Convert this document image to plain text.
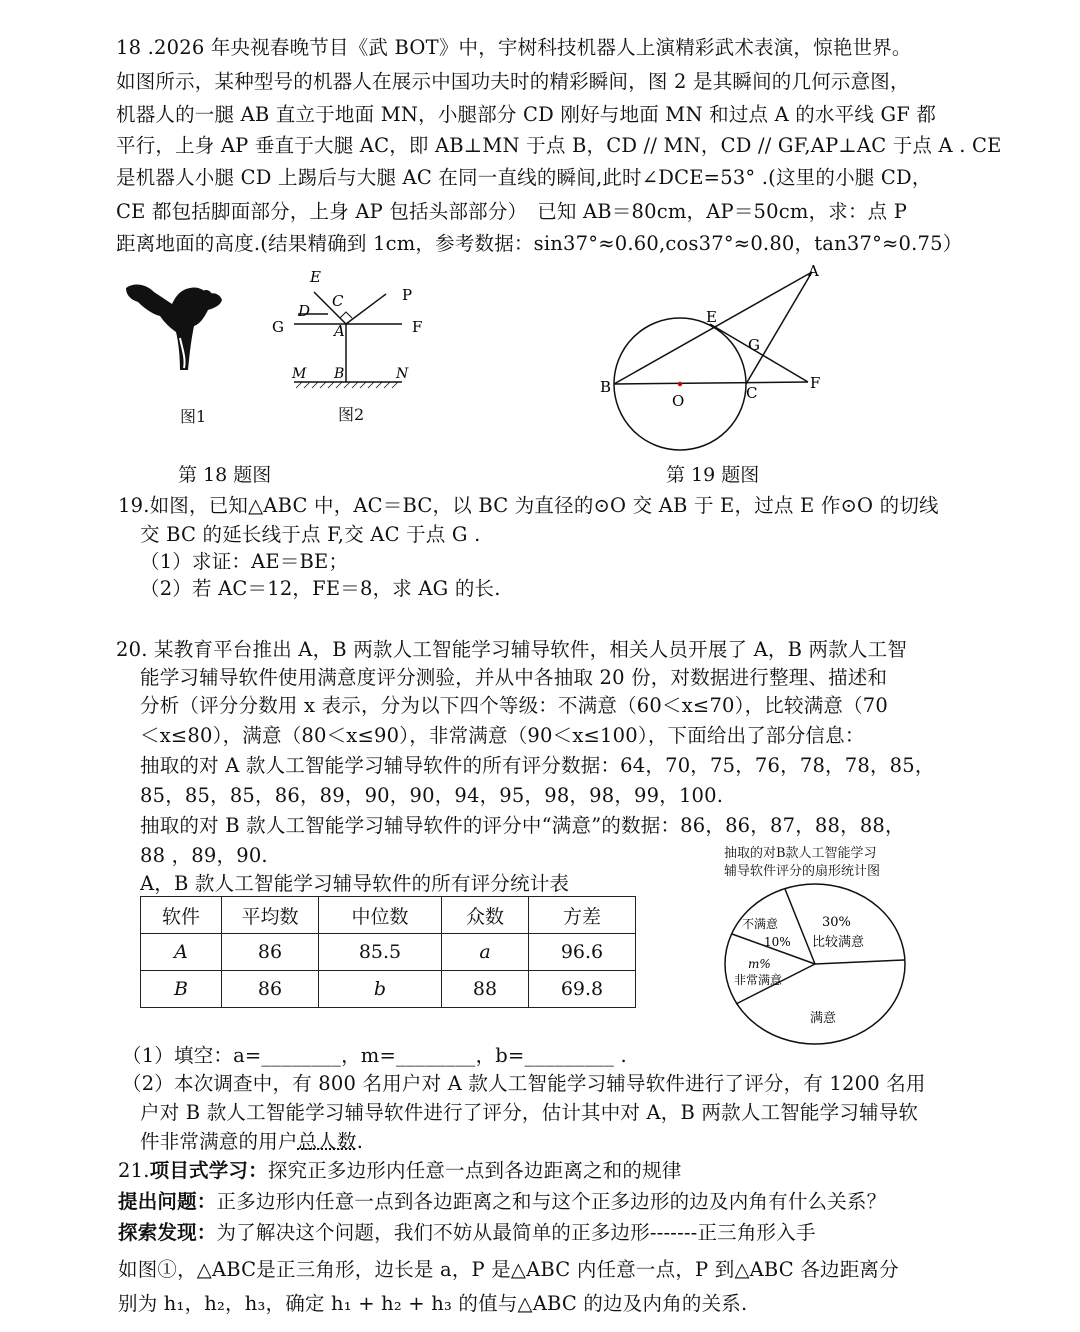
18 .2026 年央视春晚节目《武 BOT》中，宇树科技机器人上演精彩武术表演，惊艳世界。
如图所示，某种型号的机器人在展示中国功夫时的精彩瞬间，图 2 是其瞬间的几何示意图，
机器人的一腿 AB 直立于地面 MN，小腿部分 CD 刚好与地面 MN 和过点 A 的水平线 GF 都
平行，上身 AP 垂直于大腿 AC，即 AB⊥MN 于点 B，CD // MN，CD // GF,AP⊥AC 于点 A . CE
是机器人小腿 CD 上踢后与大腿 AC 在同一直线的瞬间,此时∠DCE=53° .(这里的小腿 CD，
CE 都包括脚面部分，上身 AP 包括头部部分）　已知 AB＝80cm，AP＝50cm，求：点 P
距离地面的高度.(结果精确到 1cm，参考数据：sin37°≈0.60,cos37°≈0.80，tan37°≈0.75）
图1
E
C
D
P
G	A	F
M B	N
图2
第 18 题图
A
E
G
B
O	C
F
第 19 题图
19.如图，已知△ABC 中，AC＝BC，以 BC 为直径的⊙O 交 AB 于 E，过点 E 作⊙O 的切线
交 BC 的延长线于点 F,交 AC 于点 G .
（1）求证：AE＝BE；
（2）若 AC＝12，FE＝8，求 AG 的长.
20. 某教育平台推出 A，B 两款人工智能学习辅导软件，相关人员开展了 A，B 两款人工智
能学习辅导软件使用满意度评分测验，并从中各抽取 20 份，对数据进行整理、描述和
分析（评分分数用 x 表示，分为以下四个等级：不满意（60＜x≤70），比较满意（70
＜x≤80），满意（80＜x≤90），非常满意（90＜x≤100），下面给出了部分信息：
抽取的对 A 款人工智能学习辅导软件的所有评分数据：64，70，75，76，78，78，85，
85，85，85，86，89，90，90，94，95，98，98，99，100.
抽取的对 B 款人工智能学习辅导软件的评分中“满意”的数据：86，86，87，88，88，
88 ，89，90.
A，B 款人工智能学习辅导软件的所有评分统计表
软件	平均数	中位数	众数	方差
A	86	85.5	a	96.6
B	86	b	88	69.8
抽取的对B款人工智能学习
辅导软件评分的扇形统计图
30%
比较满意
满意
m%
非常满意
不满意
10%
（1）填空：a=________，m=________，b=_________ .
（2）本次调查中，有 800 名用户对 A 款人工智能学习辅导软件进行了评分，有 1200 名用
户对 B 款人工智能学习辅导软件进行了评分，估计其中对 A，B 两款人工智能学习辅导软
件非常满意的用户总人数.
21.项目式学习：探究正多边形内任意一点到各边距离之和的规律
提出问题：正多边形内任意一点到各边距离之和与这个正多边形的边及内角有什么关系？
探索发现：为了解决这个问题，我们不妨从最简单的正多边形-------正三角形入手
如图①，△ABC是正三角形，边长是 a，P 是△ABC 内任意一点，P 到△ABC 各边距离分
别为 h₁，h₂，h₃，确定 h₁ + h₂ + h₃ 的值与△ABC 的边及内角的关系.
